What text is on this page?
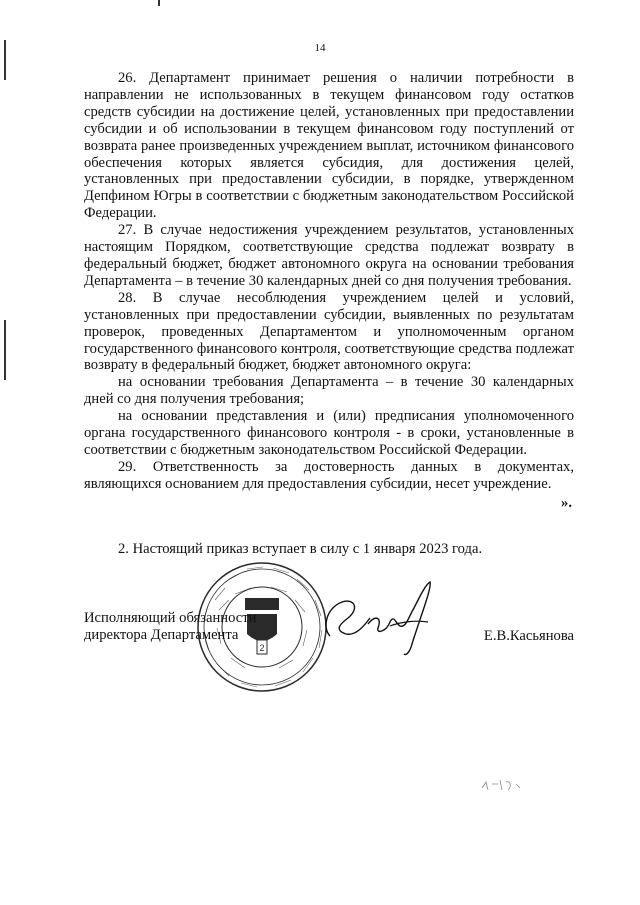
14

26. Департамент принимает решения о наличии потребности в направлении не использованных в текущем финансовом году остатков средств субсидии на достижение целей, установленных при предоставлении субсидии и об использовании в текущем финансовом году поступлений от возврата ранее произведенных учреждением выплат, источником финансового обеспечения которых является субсидия, для достижения целей, установленных при предоставлении субсидии, в порядке, утвержденном Депфином Югры в соответствии с бюджетным законодательством Российской Федерации.

27. В случае недостижения учреждением результатов, установленных настоящим Порядком, соответствующие средства подлежат возврату в федеральный бюджет, бюджет автономного округа на основании требования Департамента – в течение 30 календарных дней со дня получения требования.

28. В случае несоблюдения учреждением целей и условий, установленных при предоставлении субсидии, выявленных по результатам проверок, проведенных Департаментом и уполномоченным органом государственного финансового контроля, соответствующие средства подлежат возврату в федеральный бюджет, бюджет автономного округа:

на основании требования Департамента – в течение 30 календарных дней со дня получения требования;

на основании представления и (или) предписания уполномоченного органа государственного финансового контроля - в сроки, установленные в соответствии с бюджетным законодательством Российской Федерации.

29. Ответственность за достоверность данных в документах, являющихся основанием для предоставления субсидии, несет учреждение.

».
2. Настоящий приказ вступает в силу с 1 января 2023 года.
2
Исполняющий обязанности
директора Департамента	Е.В.Касьянова
